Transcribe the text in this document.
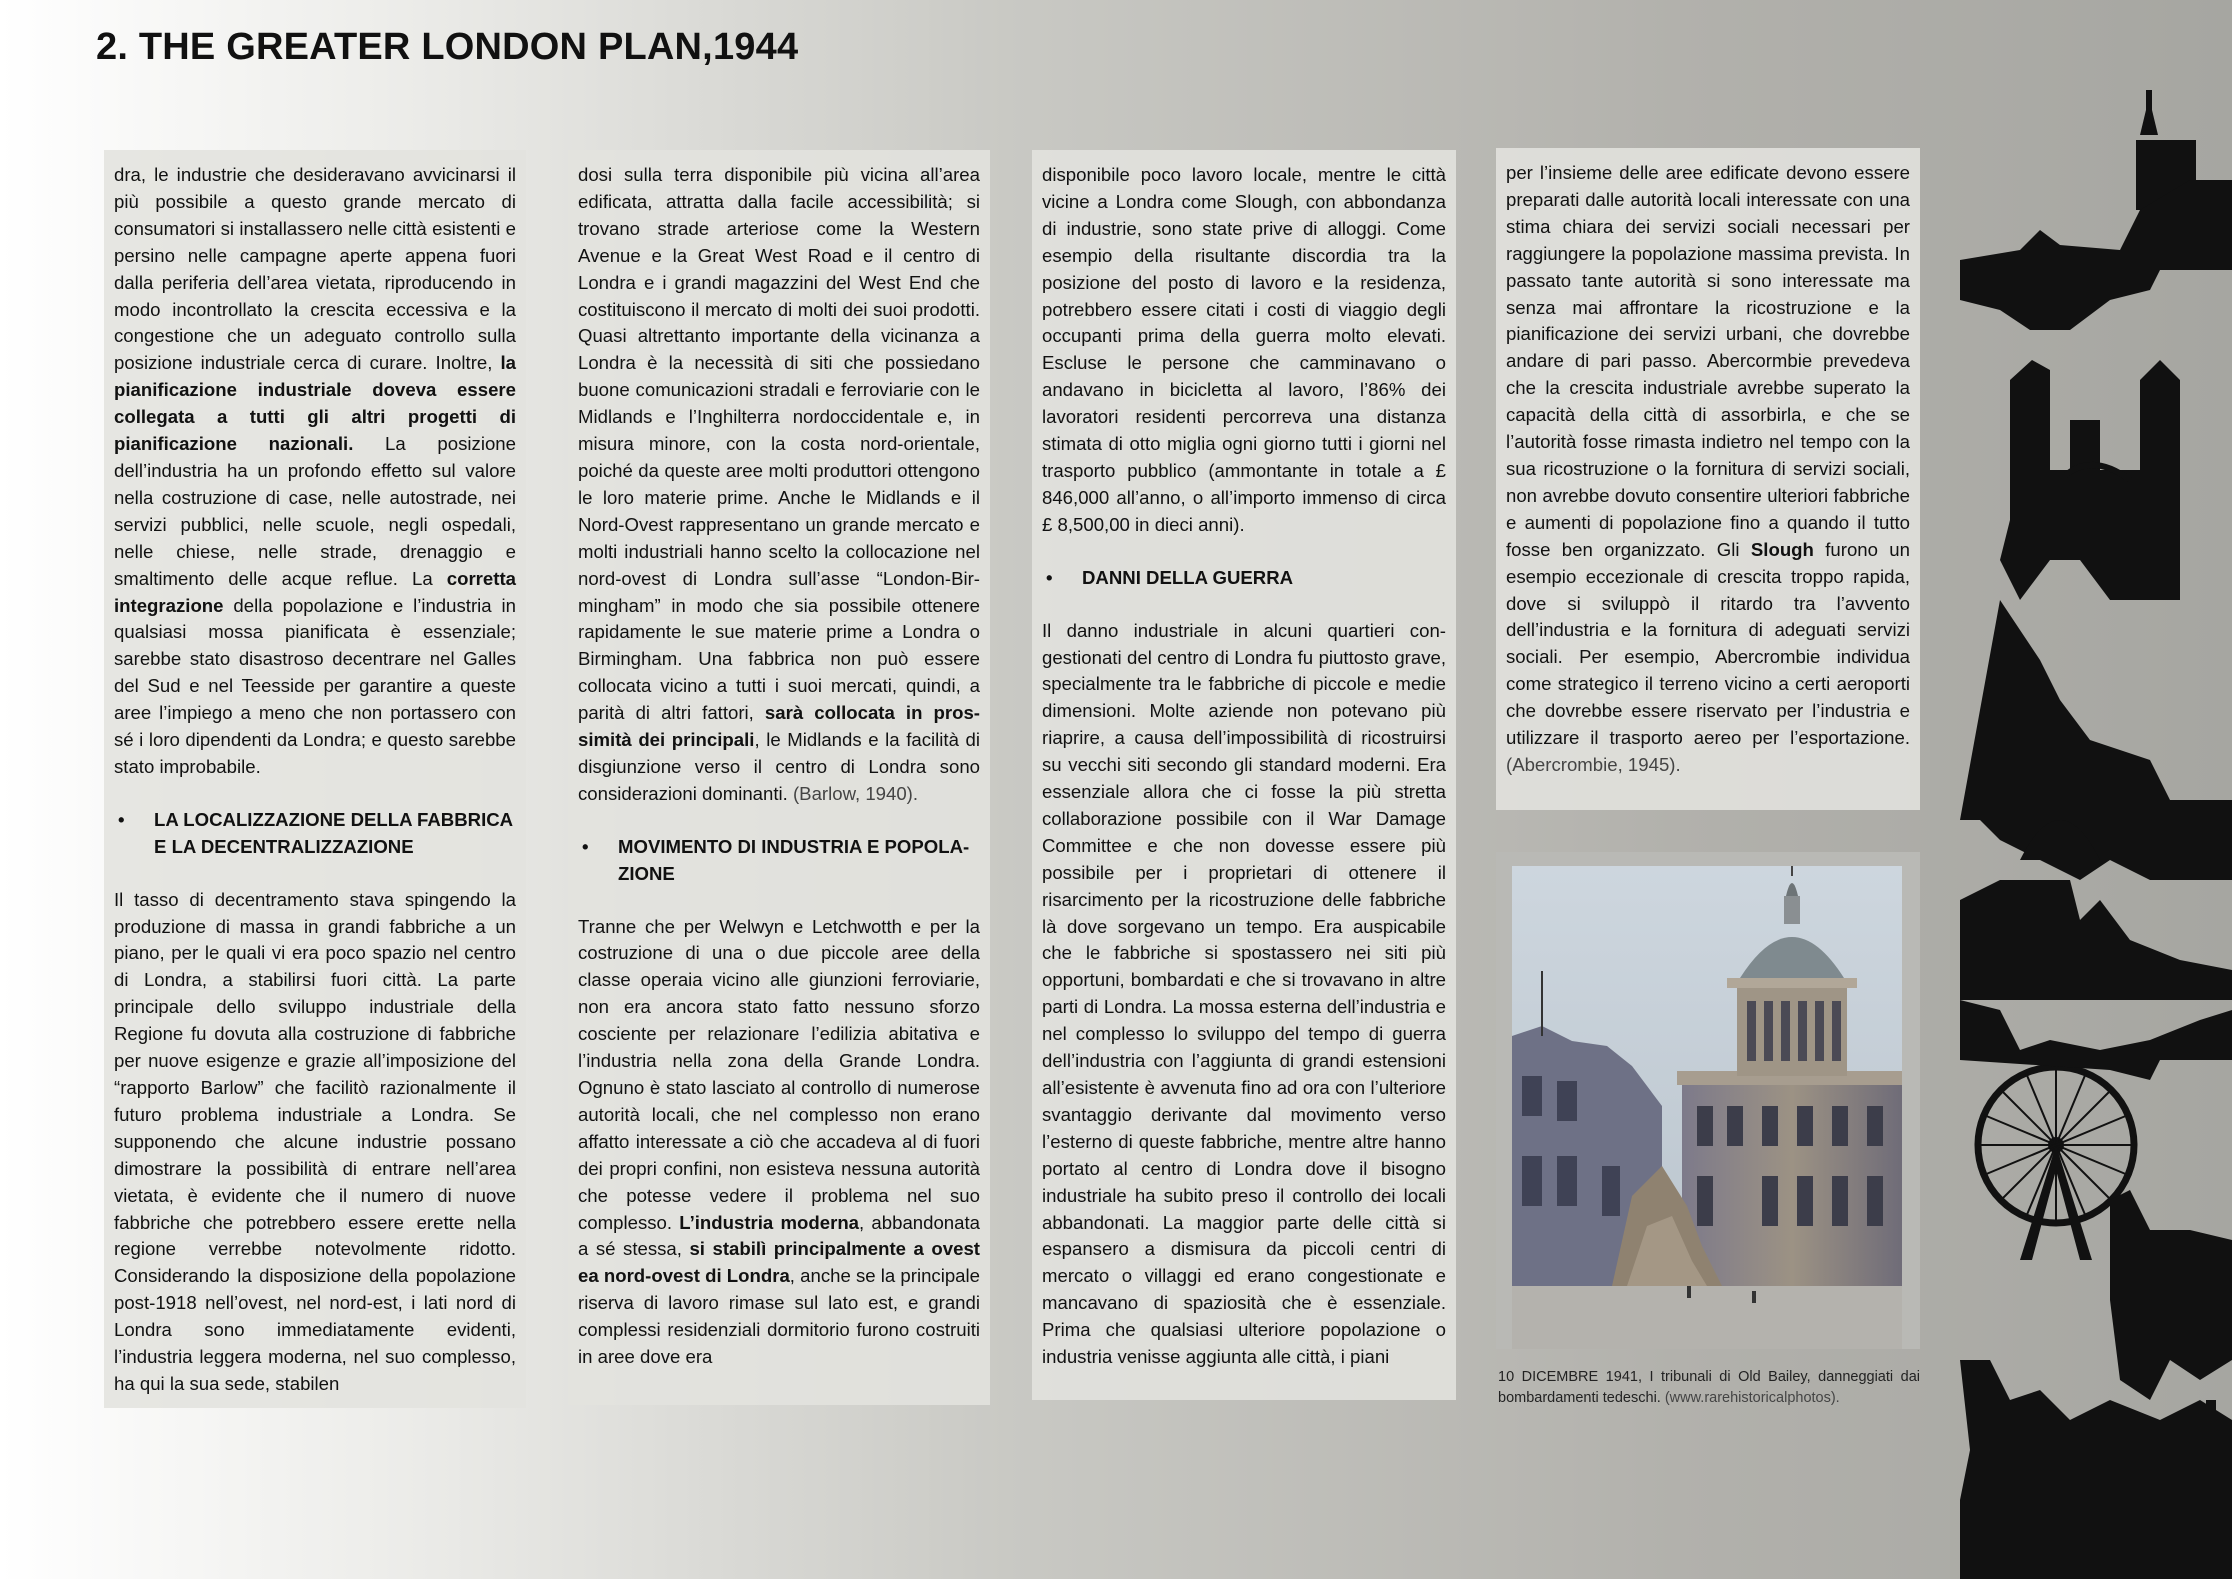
2. THE GREATER LONDON PLAN,1944

dra, le industrie che desideravano avvicinarsi il più possibile a questo grande mercato di consumatori si installassero nelle città esistenti e persino nelle campagne aperte appena fuori dalla periferia dell’area vietata, riproducendo in modo incontrollato la crescita eccessiva e la congestione che un adeguato controllo sulla posizione industriale cerca di curare. Inoltre, la pianificazione industriale doveva essere collegata a tutti gli altri progetti di pianificazione nazionali. La posizione dell’industria ha un profondo effetto sul valore nella costruzione di case, nelle autostrade, nei servizi pubblici, nelle scuole, negli ospedali, nelle chiese, nelle strade, drenaggio e smaltimento delle acque reflue. La corretta integrazione della popolazione e l’industria in qualsiasi mossa pianificata è essenziale; sarebbe stato disastroso decentrare nel Galles del Sud e nel Teesside per garantire a queste aree l’impiego a meno che non portassero con sé i loro dipendenti da Londra; e questo sarebbe stato improbabile.

•	LA LOCALIZZAZIONE DELLA FABBRICA E LA DECENTRALIZZAZIONE

Il tasso di decentramento stava spingendo la produzione di massa in grandi fabbriche a un piano, per le quali vi era poco spazio nel centro di Londra, a stabilirsi fuori città. La parte principale dello sviluppo industriale della Regione fu dovuta alla costruzione di fabbriche per nuove esigenze e grazie all’imposizione del “rapporto Barlow” che facilitò razionalmente il futuro problema industriale a Londra. Se supponendo che alcune industrie possano dimostrare la possibilità di entrare nell’area vietata, è evidente che il numero di nuove fabbriche che potrebbero essere erette nella regione verrebbe notevolmente ridotto. Considerando la disposizione della popolazione post-1918 nell’ovest, nel nord-est, i lati nord di Londra sono immediatamente evidenti, l’industria leggera moderna, nel suo complesso, ha qui la sua sede, stabilen

dosi sulla terra disponibile più vicina all’area edificata, attratta dalla facile accessibilità; si trovano strade arteriose come la Western Avenue e la Great West Road e il centro di Londra e i grandi magazzini del West End che costituiscono il mercato di molti dei suoi prodotti. Quasi altrettanto importante della vicinanza a Londra è la necessità di siti che possiedano buone comunicazioni stradali e ferroviarie con le Midlands e l’Inghilterra nordoccidentale e, in misura minore, con la costa nord-orientale, poiché da queste aree molti produttori ottengono le loro materie prime. Anche le Midlands e il Nord-Ovest rappresentano un grande mercato e molti industriali hanno scelto la collocazione nel nord-ovest di Londra sull’asse “London-Birmingham” in modo che sia possibile ottenere rapidamente le sue materie prime a Londra o Birmingham. Una fabbrica non può essere collocata vicino a tutti i suoi mercati, quindi, a parità di altri fattori, sarà collocata in prossimità dei principali, le Midlands e la facilità di disgiunzione verso il centro di Londra sono considerazioni dominanti. (Barlow, 1940).

•	MOVIMENTO DI INDUSTRIA E POPOLAZIONE

Tranne che per Welwyn e Letchwotth e per la costruzione di una o due piccole aree della classe operaia vicino alle giunzioni ferroviarie, non era ancora stato fatto nessuno sforzo cosciente per relazionare l’edilizia abitativa e l’industria nella zona della Grande Londra. Ognuno è stato lasciato al controllo di numerose autorità locali, che nel complesso non erano affatto interessate a ciò che accadeva al di fuori dei propri confini, non esisteva nessuna autorità che potesse vedere il problema nel suo complesso. L’industria moderna, abbandonata a sé stessa, si stabilì principalmente a ovest ea nord-ovest di Londra, anche se la principale riserva di lavoro rimase sul lato est, e grandi complessi residenziali dormitorio furono costruiti in aree dove era

disponibile poco lavoro locale, mentre le città vicine a Londra come Slough, con abbondanza di industrie, sono state prive di alloggi. Come esempio della risultante discordia tra la posizione del posto di lavoro e la residenza, potrebbero essere citati i costi di viaggio degli occupanti prima della guerra molto elevati. Escluse le persone che camminavano o andavano in bicicletta al lavoro, l’86% dei lavoratori residenti percorreva una distanza stimata di otto miglia ogni giorno tutti i giorni nel trasporto pubblico (ammontante in totale a £ 846,000 all’anno, o all’importo immenso di circa £ 8,500,00 in dieci anni).

•	DANNI DELLA GUERRA

Il danno industriale in alcuni quartieri congestionati del centro di Londra fu piuttosto grave, specialmente tra le fabbriche di piccole e medie dimensioni. Molte aziende non potevano più riaprire, a causa dell’impossibilità di ricostruirsi su vecchi siti secondo gli standard moderni. Era essenziale allora che ci fosse la più stretta collaborazione possibile con il War Damage Committee e che non dovesse essere più possibile per i proprietari di ottenere il risarcimento per la ricostruzione delle fabbriche là dove sorgevano un tempo. Era auspicabile che le fabbriche si spostassero nei siti più opportuni, bombardati e che si trovavano in altre parti di Londra. La mossa esterna dell’industria e nel complesso lo sviluppo del tempo di guerra dell’industria con l’aggiunta di grandi estensioni all’esistente è avvenuta fino ad ora con l’ulteriore svantaggio derivante dal movimento verso l’esterno di queste fabbriche, mentre altre hanno portato al centro di Londra dove il bisogno industriale ha subito preso il controllo dei locali abbandonati. La maggior parte delle città si espansero a dismisura da piccoli centri di mercato o villaggi ed erano congestionate e mancavano di spaziosità che è essenziale. Prima che qualsiasi ulteriore popolazione o industria venisse aggiunta alle città, i piani

per l’insieme delle aree edificate devono essere preparati dalle autorità locali interessate con una stima chiara dei servizi sociali necessari per raggiungere la popolazione massima prevista. In passato tante autorità si sono interessate ma senza mai affrontare la ricostruzione e la pianificazione dei servizi urbani, che dovrebbe andare di pari passo. Abercormbie prevedeva che la crescita industriale avrebbe superato la capacità della città di assorbirla, e che se l’autorità fosse rimasta indietro nel tempo con la sua ricostruzione o la fornitura di servizi sociali, non avrebbe dovuto consentire ulteriori fabbriche e aumenti di popolazione fino a quando il tutto fosse ben organizzato. Gli Slough furono un esempio eccezionale di crescita troppo rapida, dove si sviluppò il ritardo tra l’avvento dell’industria e la fornitura di adeguati servizi sociali. Per esempio, Abercrombie individua come strategico il terreno vicino a certi aeroporti che dovrebbe essere riservato per l’industria e utilizzare il trasporto aereo per l’esportazione. (Abercrombie, 1945).

10 DICEMBRE 1941, I tribunali di Old Bailey, danneggiati dai bombardamenti tedeschi. (www.rarehistoricalphotos).
